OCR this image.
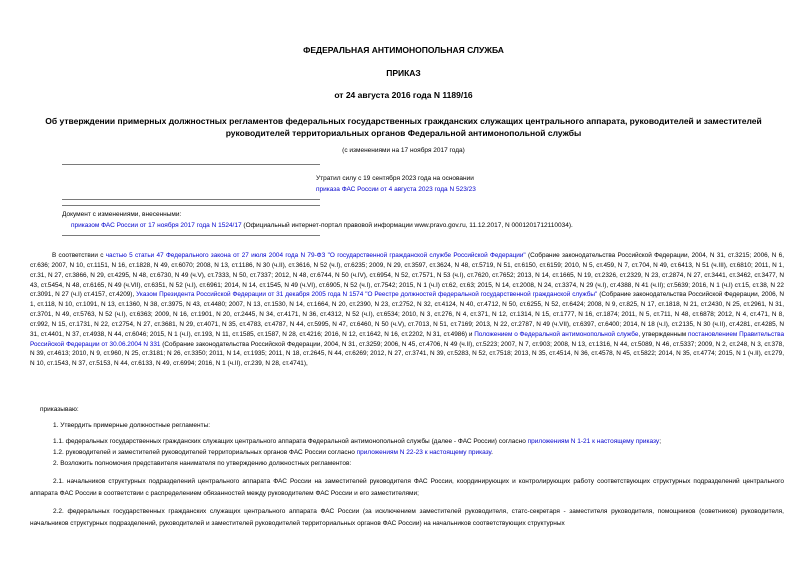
ФЕДЕРАЛЬНАЯ АНТИМОНОПОЛЬНАЯ СЛУЖБА
ПРИКАЗ
от 24 августа 2016 года N 1189/16
Об утверждении примерных должностных регламентов федеральных государственных гражданских служащих центрального аппарата, руководителей и заместителей руководителей территориальных органов Федеральной антимонопольной службы
(с изменениями на 17 ноября 2017 года)
Утратил силу с 19 сентября 2023 года на основании
приказа ФАС России от 4 августа 2023 года N 523/23
Документ с изменениями, внесенными:
приказом ФАС России от 17 ноября 2017 года N 1524/17 (Официальный интернет-портал правовой информации www.pravo.gov.ru, 11.12.2017, N 0001201712110034).
В соответствии с частью 5 статьи 47 Федерального закона от 27 июля 2004 года N 79-ФЗ "О государственной гражданской службе Российской Федерации" (Собрание законодательства Российской Федерации, 2004, N 31, ст.3215; 2006, N 6, ст.636; 2007, N 10, ст.1151, N 16, ст.1828, N 49, ст.6070; 2008, N 13, ст.1186, N 30 (ч.II), ст.3616, N 52 (ч.I), ст.6235; 2009, N 29, ст.3597, ст.3624, N 48, ст.5719, N 51, ст.6150, ст.6159; 2010, N 5, ст.459, N 7, ст.704, N 49, ст.6413, N 51 (ч.III), ст.6810; 2011, N 1, ст.31, N 27, ст.3866, N 29, ст.4295, N 48, ст.6730, N 49 (ч.V), ст.7333, N 50, ст.7337; 2012, N 48, ст.6744, N 50 (ч.IV), ст.6954, N 52, ст.7571, N 53 (ч.I), ст.7620, ст.7652; 2013, N 14, ст.1665, N 19, ст.2326, ст.2329, N 23, ст.2874, N 27, ст.3441, ст.3462, ст.3477, N 43, ст.5454, N 48, ст.6165, N 49 (ч.VII), ст.6351, N 52 (ч.I), ст.6961; 2014, N 14, ст.1545, N 49 (ч.VI), ст.6905, N 52 (ч.I), ст.7542; 2015, N 1 (ч.I) ст.62, ст.63; 2015, N 14, ст.2008, N 24, ст.3374, N 29 (ч.I), ст.4388, N 41 (ч.II); ст.5639; 2016, N 1 (ч.I) ст.15, ст.38, N 22 ст.3091, N 27 (ч.I) ст.4157, ст.4209), Указом Президента Российской Федерации от 31 декабря 2005 года N 1574 "О Реестре должностей федеральной государственной гражданской службы" (Собрание законодательства Российской Федерации, 2006, N 1, ст.118, N 10, ст.1091, N 13, ст.1360, N 38, ст.3975, N 43, ст.4480; 2007, N 13, ст.1530, N 14, ст.1664, N 20, ст.2390, N 23, ст.2752, N 32, ст.4124, N 40, ст.4712, N 50, ст.6255, N 52, ст.6424; 2008, N 9, ст.825, N 17, ст.1818, N 21, ст.2430, N 25, ст.2961, N 31, ст.3701, N 49, ст.5763, N 52 (ч.I), ст.6363; 2009, N 16, ст.1901, N 20, ст.2445, N 34, ст.4171, N 36, ст.4312, N 52 (ч.I), ст.6534; 2010, N 3, ст.276, N 4, ст.371, N 12, ст.1314, N 15, ст.1777, N 16, ст.1874; 2011, N 5, ст.711, N 48, ст.6878; 2012, N 4, ст.471, N 8, ст.992, N 15, ст.1731, N 22, ст.2754, N 27, ст.3681, N 29, ст.4071, N 35, ст.4783, ст.4787, N 44, ст.5995, N 47, ст.6460, N 50 (ч.V), ст.7013, N 51, ст.7169; 2013, N 22, ст.2787, N 49 (ч.VII), ст.6397, ст.6400; 2014, N 18 (ч.I), ст.2135, N 30 (ч.II), ст.4281, ст.4285, N 31, ст.4401, N 37, ст.4938, N 44, ст.6046; 2015, N 1 (ч.I), ст.193, N 11, ст.1585, ст.1587, N 28, ст.4216; 2016, N 12, ст.1642, N 16, ст.2202, N 31, ст.4986) и Положением о Федеральной антимонопольной службе, утвержденным постановлением Правительства Российской Федерации от 30.06.2004 N 331 (Собрание законодательства Российской Федерации, 2004, N 31, ст.3259; 2006, N 45, ст.4706, N 49 (ч.II), ст.5223; 2007, N 7, ст.903; 2008, N 13, ст.1316, N 44, ст.5089, N 46, ст.5337; 2009, N 2, ст.248, N 3, ст.378, N 39, ст.4613; 2010, N 9, ст.960, N 25, ст.3181; N 26, ст.3350; 2011, N 14, ст.1935; 2011, N 18, ст.2645, N 44, ст.6269; 2012, N 27, ст.3741, N 39, ст.5283, N 52, ст.7518; 2013, N 35, ст.4514, N 36, ст.4578, N 45, ст.5822; 2014, N 35, ст.4774; 2015, N 1 (ч.II), ст.279, N 10, ст.1543, N 37, ст.5153, N 44, ст.6133, N 49, ст.6994; 2016, N 1 (ч.II), ст.239, N 28, ст.4741),
приказываю:
1. Утвердить примерные должностные регламенты:
1.1. федеральных государственных гражданских служащих центрального аппарата Федеральной антимонопольной службы (далее - ФАС России) согласно приложениям N 1-21 к настоящему приказу;
1.2. руководителей и заместителей руководителей территориальных органов ФАС России согласно приложениям N 22-23 к настоящему приказу.
2. Возложить полномочия представителя нанимателя по утверждению должностных регламентов:
2.1. начальников структурных подразделений центрального аппарата ФАС России на заместителей руководителя ФАС России, координирующих и контролирующих работу соответствующих структурных подразделений центрального аппарата ФАС России в соответствии с распределением обязанностей между руководителем ФАС России и его заместителями;
2.2. федеральных государственных гражданских служащих центрального аппарата ФАС России (за исключением заместителей руководителя, статс-секретаря - заместителя руководителя, помощников (советников) руководителя, начальников структурных подразделений, руководителей и заместителей руководителей территориальных органов ФАС России) на начальников соответствующих структурных
